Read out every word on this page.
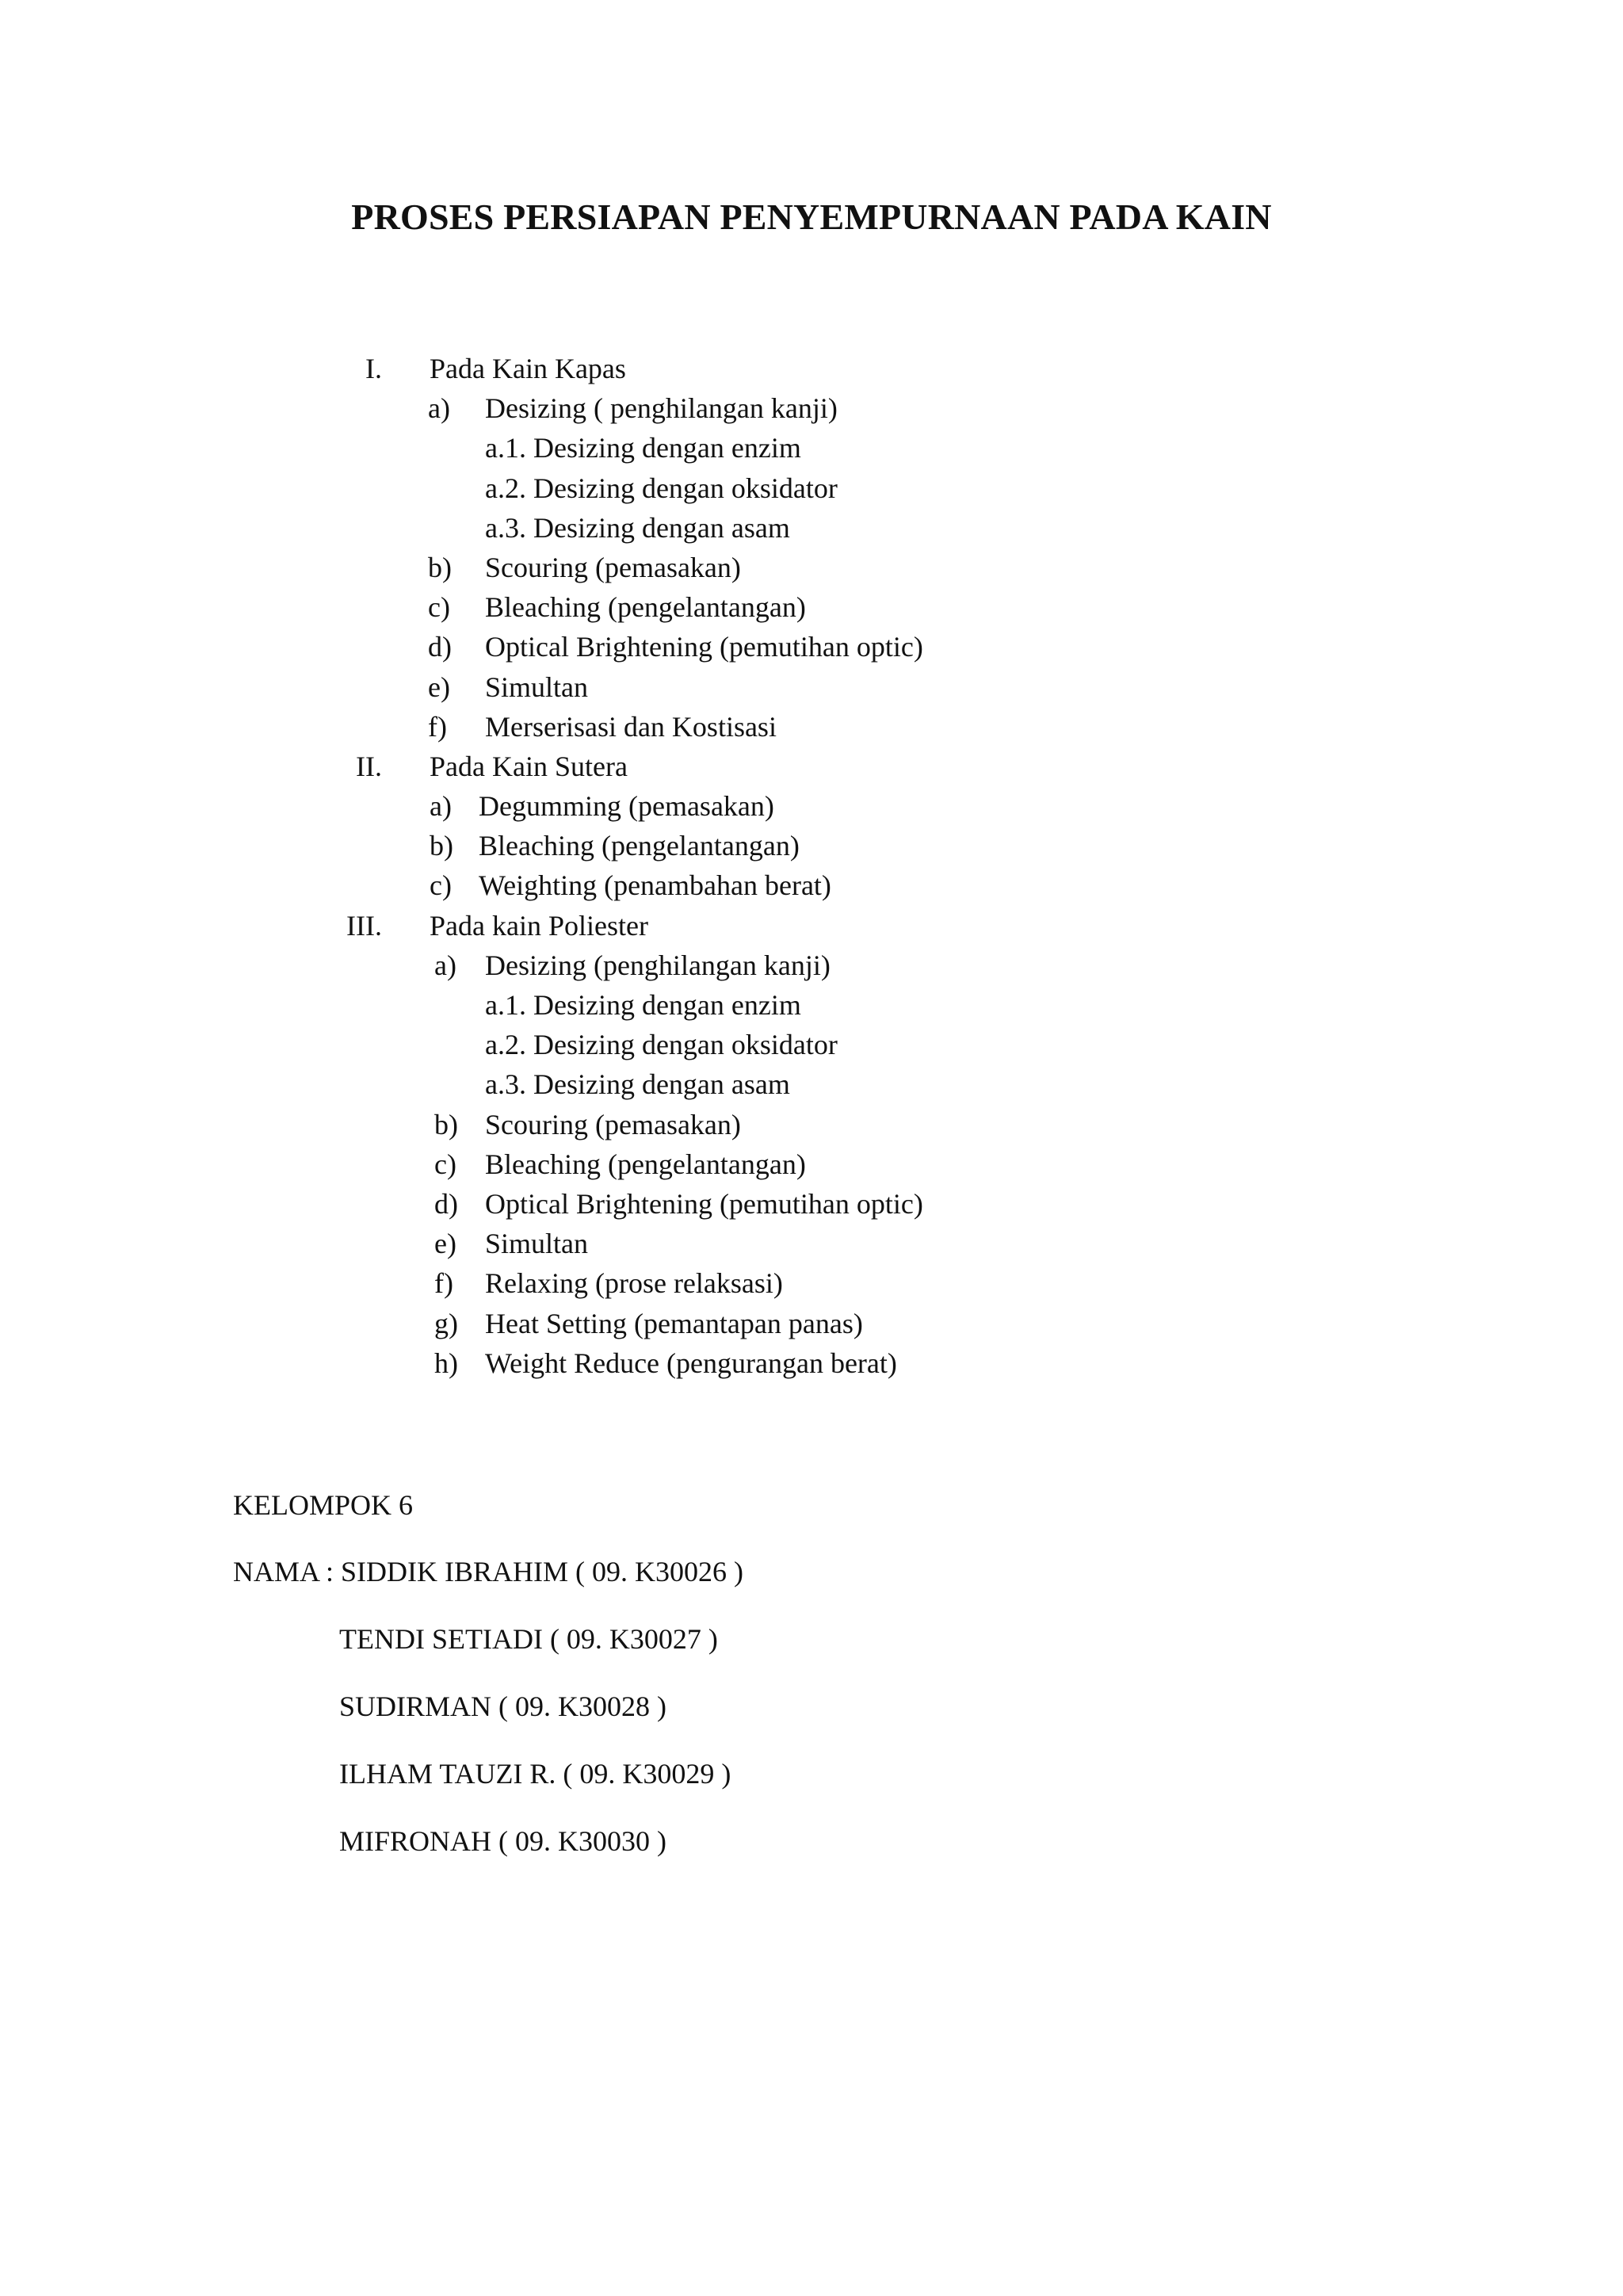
PROSES PERSIAPAN PENYEMPURNAAN PADA KAIN
I. Pada Kain Kapas
a) Desizing ( penghilangan kanji)
a.1. Desizing dengan enzim
a.2. Desizing dengan oksidator
a.3. Desizing dengan asam
b) Scouring (pemasakan)
c) Bleaching (pengelantangan)
d) Optical Brightening (pemutihan optic)
e) Simultan
f) Merserisasi dan Kostisasi
II. Pada Kain Sutera
a) Degumming (pemasakan)
b) Bleaching (pengelantangan)
c) Weighting (penambahan berat)
III. Pada kain Poliester
a) Desizing (penghilangan kanji)
a.1. Desizing dengan enzim
a.2. Desizing dengan oksidator
a.3. Desizing dengan asam
b) Scouring (pemasakan)
c) Bleaching (pengelantangan)
d) Optical Brightening (pemutihan optic)
e) Simultan
f) Relaxing (prose relaksasi)
g) Heat Setting (pemantapan panas)
h) Weight Reduce (pengurangan berat)
KELOMPOK 6
NAMA : SIDDIK IBRAHIM ( 09. K30026 )
TENDI SETIADI ( 09. K30027 )
SUDIRMAN ( 09. K30028 )
ILHAM TAUZI R. ( 09. K30029 )
MIFRONAH ( 09. K30030 )
